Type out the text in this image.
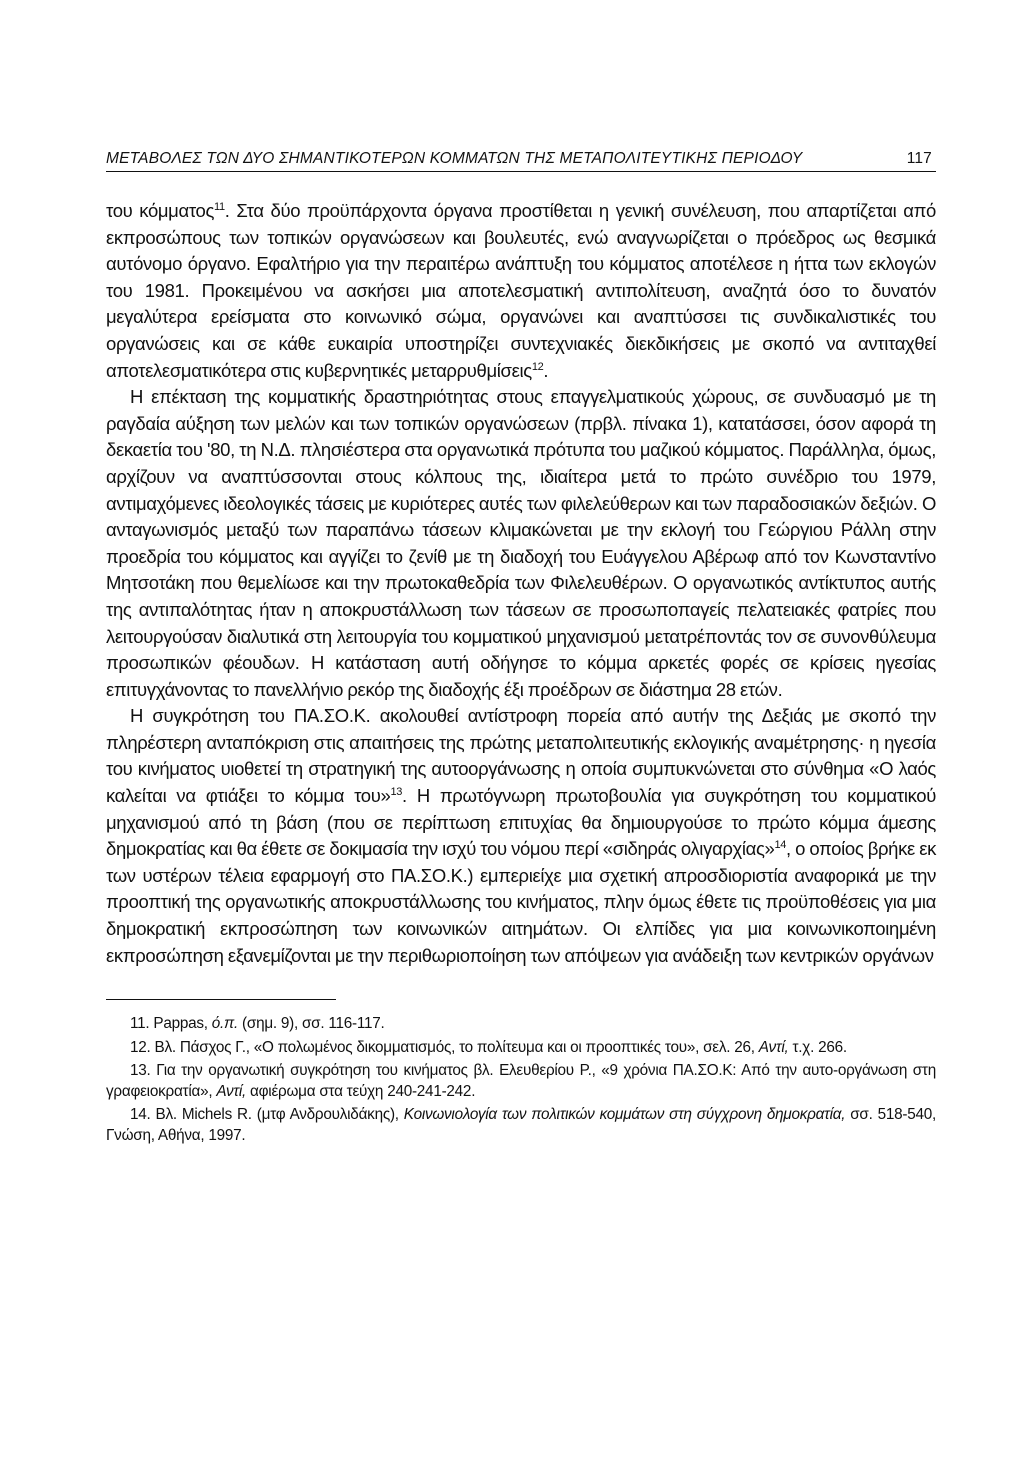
ΜΕΤΑΒΟΛΕΣ ΤΩΝ ΔΥΟ ΣΗΜΑΝΤΙΚΟΤΕΡΩΝ ΚΟΜΜΑΤΩΝ ΤΗΣ ΜΕΤΑΠΟΛΙΤΕΥΤΙΚΗΣ ΠΕΡΙΟΔΟΥ	117

του κόμματος$^{11}$. Στα δύο προϋπάρχοντα όργανα προστίθεται η γενική συνέλευση, που απαρτίζεται από εκπροσώπους των τοπικών οργανώσεων και βουλευτές, ενώ αναγνωρίζεται ο πρόεδρος ως θεσμικά αυτόνομο όργανο. Εφαλτήριο για την περαιτέρω ανάπτυξη του κόμματος αποτέλεσε η ήττα των εκλογών του 1981. Προκειμένου να ασκήσει μια αποτελεσματική αντιπολίτευση, αναζητά όσο το δυνατόν μεγαλύτερα ερείσματα στο κοινωνικό σώμα, οργανώνει και αναπτύσσει τις συνδικαλιστικές του οργανώσεις και σε κάθε ευκαιρία υποστηρίζει συντεχνιακές διεκδικήσεις με σκοπό να αντιταχθεί αποτελεσματικότερα στις κυβερνητικές μεταρρυθμίσεις$^{12}$.

Η επέκταση της κομματικής δραστηριότητας στους επαγγελματικούς χώρους, σε συνδυασμό με τη ραγδαία αύξηση των μελών και των τοπικών οργανώσεων (πρβλ. πίνακα 1), κατατάσσει, όσον αφορά τη δεκαετία του '80, τη Ν.Δ. πλησιέστερα στα οργανωτικά πρότυπα του μαζικού κόμματος. Παράλληλα, όμως, αρχίζουν να αναπτύσσονται στους κόλπους της, ιδιαίτερα μετά το πρώτο συνέδριο του 1979, αντιμαχόμενες ιδεολογικές τάσεις με κυριότερες αυτές των φιλελεύθερων και των παραδοσιακών δεξιών. Ο ανταγωνισμός μεταξύ των παραπάνω τάσεων κλιμακώνεται με την εκλογή του Γεώργιου Ράλλη στην προεδρία του κόμματος και αγγίζει το ζενίθ με τη διαδοχή του Ευάγγελου Αβέρωφ από τον Κωνσταντίνο Μητσοτάκη που θεμελίωσε και την πρωτοκαθεδρία των Φιλελευθέρων. Ο οργανωτικός αντίκτυπος αυτής της αντιπαλότητας ήταν η αποκρυστάλλωση των τάσεων σε προσωποπαγείς πελατειακές φατρίες που λειτουργούσαν διαλυτικά στη λειτουργία του κομματικού μηχανισμού μετατρέποντάς τον σε συνονθύλευμα προσωπικών φέουδων. Η κατάσταση αυτή οδήγησε το κόμμα αρκετές φορές σε κρίσεις ηγεσίας επιτυγχάνοντας το πανελλήνιο ρεκόρ της διαδοχής έξι προέδρων σε διάστημα 28 ετών.

Η συγκρότηση του ΠΑ.ΣΟ.Κ. ακολουθεί αντίστροφη πορεία από αυτήν της Δεξιάς με σκοπό την πληρέστερη ανταπόκριση στις απαιτήσεις της πρώτης μεταπολιτευτικής εκλογικής αναμέτρησης· η ηγεσία του κινήματος υιοθετεί τη στρατηγική της αυτοοργάνωσης η οποία συμπυκνώνεται στο σύνθημα «Ο λαός καλείται να φτιάξει το κόμμα του»$^{13}$. Η πρωτόγνωρη πρωτοβουλία για συγκρότηση του κομματικού μηχανισμού από τη βάση (που σε περίπτωση επιτυχίας θα δημιουργούσε το πρώτο κόμμα άμεσης δημοκρατίας και θα έθετε σε δοκιμασία την ισχύ του νόμου περί «σιδηράς ολιγαρχίας»$^{14}$, ο οποίος βρήκε εκ των υστέρων τέλεια εφαρμογή στο ΠΑ.ΣΟ.Κ.) εμπεριείχε μια σχετική απροσδιοριστία αναφορικά με την προοπτική της οργανωτικής αποκρυστάλλωσης του κινήματος, πλην όμως έθετε τις προϋποθέσεις για μια δημοκρατική εκπροσώπηση των κοινωνικών αιτημάτων. Οι ελπίδες για μια κοινωνικοποιημένη εκπροσώπηση εξανεμίζονται με την περιθωριοποίηση των απόψεων για ανάδειξη των κεντρικών οργάνων

11. Pappas, ό.π. (σημ. 9), σσ. 116-117.

12. Βλ. Πάσχος Γ., «Ο πολωμένος δικομματισμός, το πολίτευμα και οι προοπτικές του», σελ. 26, Αντί, τ.χ. 266.

13. Για την οργανωτική συγκρότηση του κινήματος βλ. Ελευθερίου Ρ., «9 χρόνια ΠΑ.ΣΟ.Κ: Από την αυτο-οργάνωση στη γραφειοκρατία», Αντί, αφιέρωμα στα τεύχη 240-241-242.

14. Βλ. Michels R. (μτφ Ανδρουλιδάκης), Κοινωνιολογία των πολιτικών κομμάτων στη σύγχρονη δημοκρατία, σσ. 518-540, Γνώση, Αθήνα, 1997.
